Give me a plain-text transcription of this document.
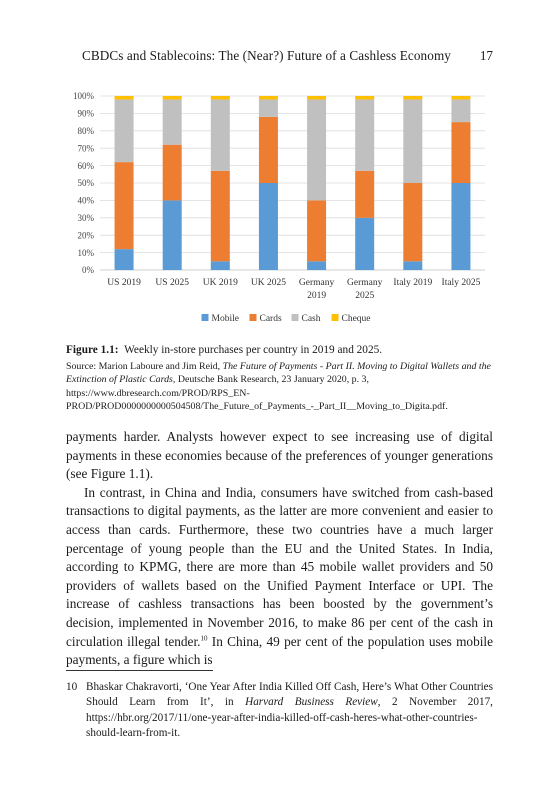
CBDCs and Stablecoins: The (Near?) Future of a Cashless Economy 17
0%
10%
20%
30%
40%
50%
60%
70%
80%
90%
100%
US 2019 US 2025 UK 2019 UK 2025 Germany
2019
Germany
2025
Italy 2019 Italy 2025
Mobile Cards Cash Cheque
Figure 1.1: Weekly in-store purchases per country in 2019 and 2025.
Source: Marion Laboure and Jim Reid, The Future of Payments - Part II. Moving to Digital Wallets and the Extinction of Plastic Cards, Deutsche Bank Research, 23 January 2020, p. 3, https://www.dbresearch.com/PROD/RPS_EN-PROD/PROD0000000000504508/The_Future_of_Payments_-_Part_II__Moving_to_Digita.pdf.

payments harder. Analysts however expect to see increasing use of digital payments in these economies because of the preferences of younger generations (see Figure 1.1).

In contrast, in China and India, consumers have switched from cash-based transactions to digital payments, as the latter are more convenient and easier to access than cards. Furthermore, these two countries have a much larger percentage of young people than the EU and the United States. In India, according to KPMG, there are more than 45 mobile wallet providers and 50 providers of wallets based on the Unified Payment Interface or UPI. The increase of cashless transactions has been boosted by the government’s decision, implemented in November 2016, to make 86 per cent of the cash in circulation illegal tender.$^{10}$ In China, 49 per cent of the population uses mobile payments, a figure which is

10 Bhaskar Chakravorti, ‘One Year After India Killed Off Cash, Here’s What Other Countries Should Learn from It’, in Harvard Business Review, 2 November 2017, https://hbr.org/2017/11/one-year-after-india-killed-off-cash-heres-what-other-countries-should-learn-from-it.
